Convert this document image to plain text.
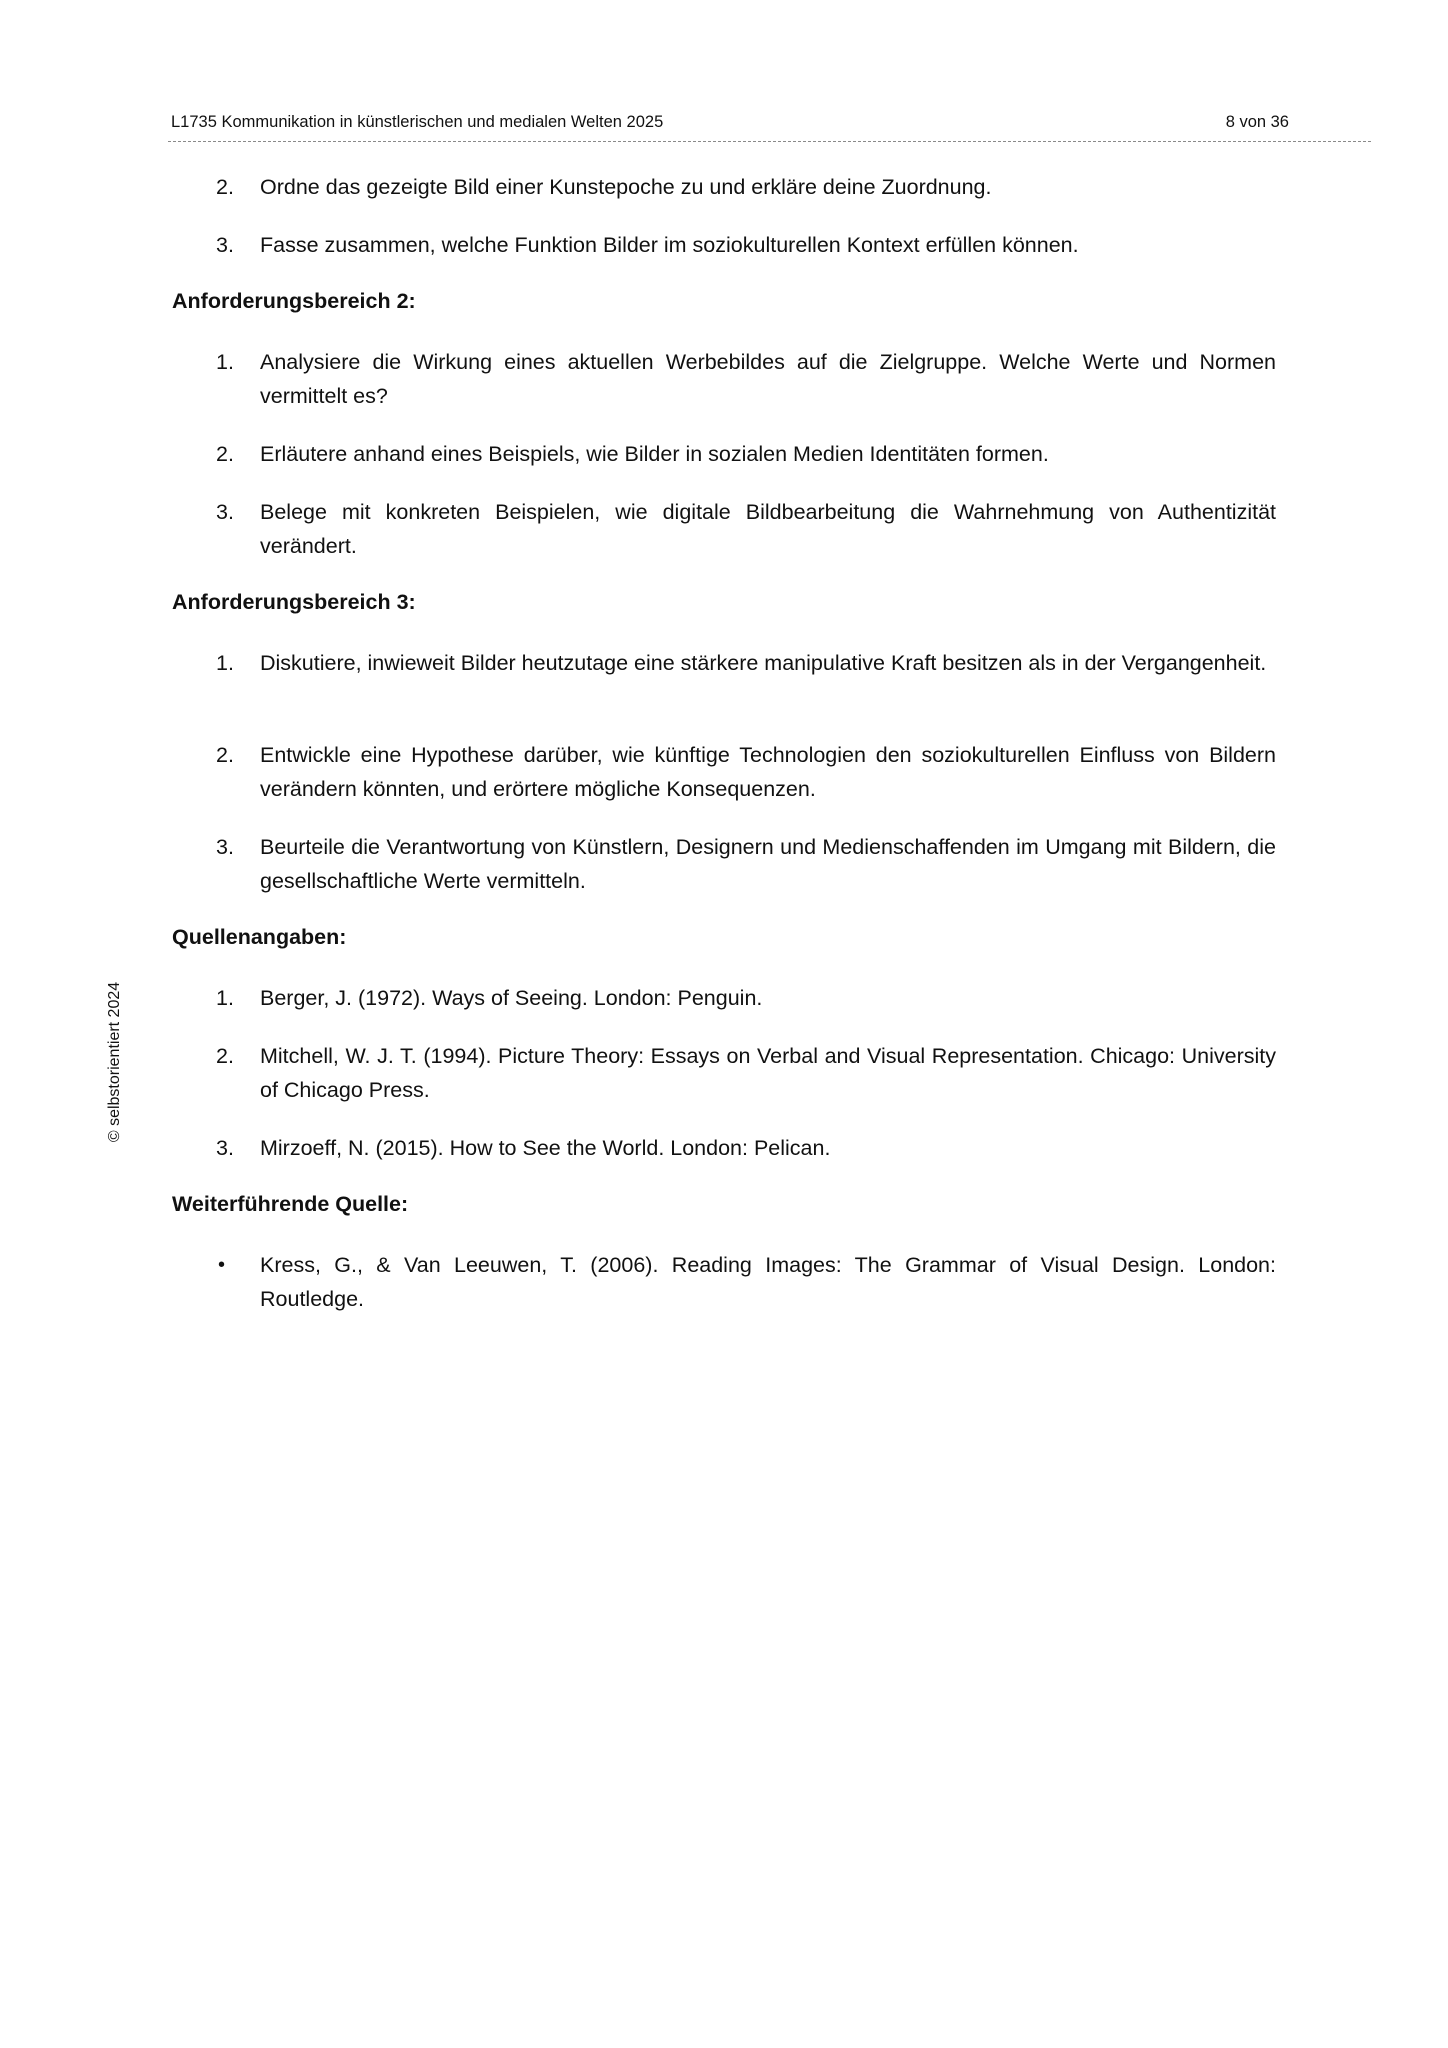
L1735 Kommunikation in künstlerischen und medialen Welten 2025	8 von 36
© selbstorientiert 2024
2.	Ordne das gezeigte Bild einer Kunstepoche zu und erkläre deine Zuordnung.
3.	Fasse zusammen, welche Funktion Bilder im soziokulturellen Kontext erfüllen können.
Anforderungsbereich 2:
1.	Analysiere die Wirkung eines aktuellen Werbebildes auf die Zielgruppe. Welche Werte und Normen vermittelt es?
2.	Erläutere anhand eines Beispiels, wie Bilder in sozialen Medien Identitäten formen.
3.	Belege mit konkreten Beispielen, wie digitale Bildbearbeitung die Wahrnehmung von Authentizität verändert.
Anforderungsbereich 3:
1.	Diskutiere, inwieweit Bilder heutzutage eine stärkere manipulative Kraft besitzen als in der Vergangenheit.
2.	Entwickle eine Hypothese darüber, wie künftige Technologien den soziokulturellen Einfluss von Bildern verändern könnten, und erörtere mögliche Konsequenzen.
3.	Beurteile die Verantwortung von Künstlern, Designern und Medienschaffenden im Umgang mit Bildern, die gesellschaftliche Werte vermitteln.
Quellenangaben:
1.	Berger, J. (1972). Ways of Seeing. London: Penguin.
2.	Mitchell, W. J. T. (1994). Picture Theory: Essays on Verbal and Visual Representation. Chicago: University of Chicago Press.
3.	Mirzoeff, N. (2015). How to See the World. London: Pelican.
Weiterführende Quelle:
• Kress, G., & Van Leeuwen, T. (2006). Reading Images: The Grammar of Visual Design. London: Routledge.
